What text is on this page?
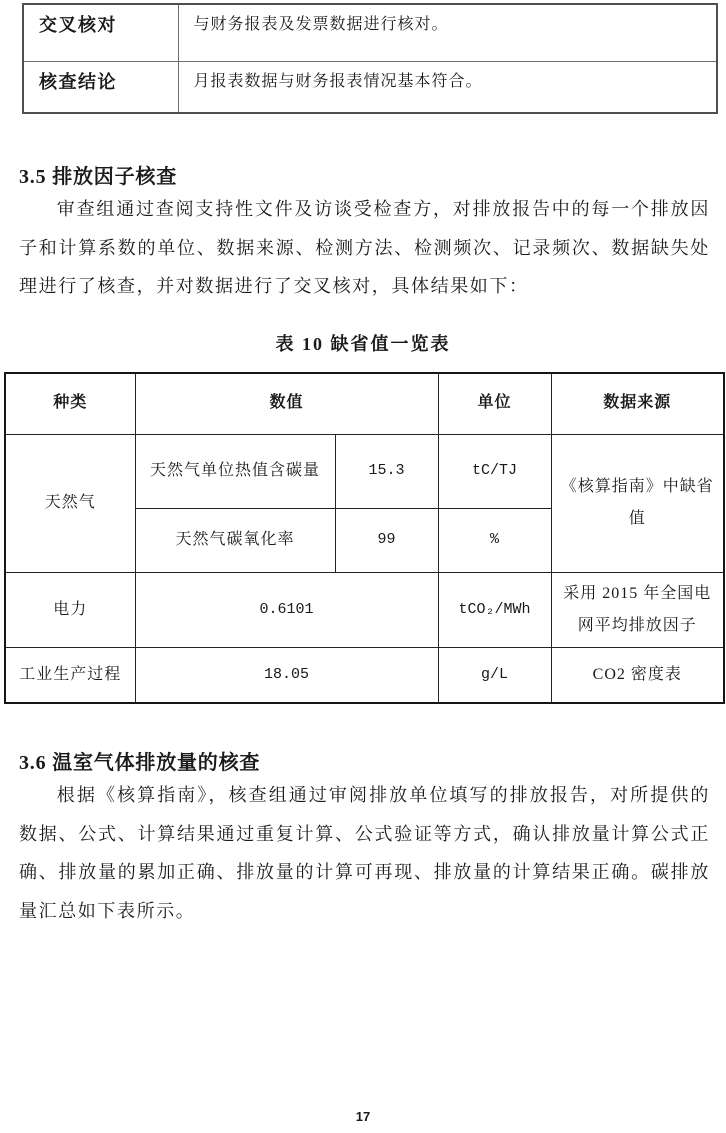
交叉核对	与财务报表及发票数据进行核对。
核查结论	月报表数据与财务报表情况基本符合。
3.5 排放因子核查

审查组通过查阅支持性文件及访谈受检查方，对排放报告中的每一个排放因子和计算系数的单位、数据来源、检测方法、检测频次、记录频次、数据缺失处理进行了核查，并对数据进行了交叉核对，具体结果如下：

表 10 缺省值一览表
种类	数值		单位	数据来源
天然气	天然气单位热值含碳量	15.3	tC/TJ	《核算指南》中缺省值
	天然气碳氧化率	99	%	
电力	0.6101		tCO₂/MWh	采用 2015 年全国电网平均排放因子
工业生产过程	18.05		g/L	CO2 密度表
3.6 温室气体排放量的核查

根据《核算指南》，核查组通过审阅排放单位填写的排放报告，对所提供的数据、公式、计算结果通过重复计算、公式验证等方式，确认排放量计算公式正确、排放量的累加正确、排放量的计算可再现、排放量的计算结果正确。碳排放量汇总如下表所示。

17
